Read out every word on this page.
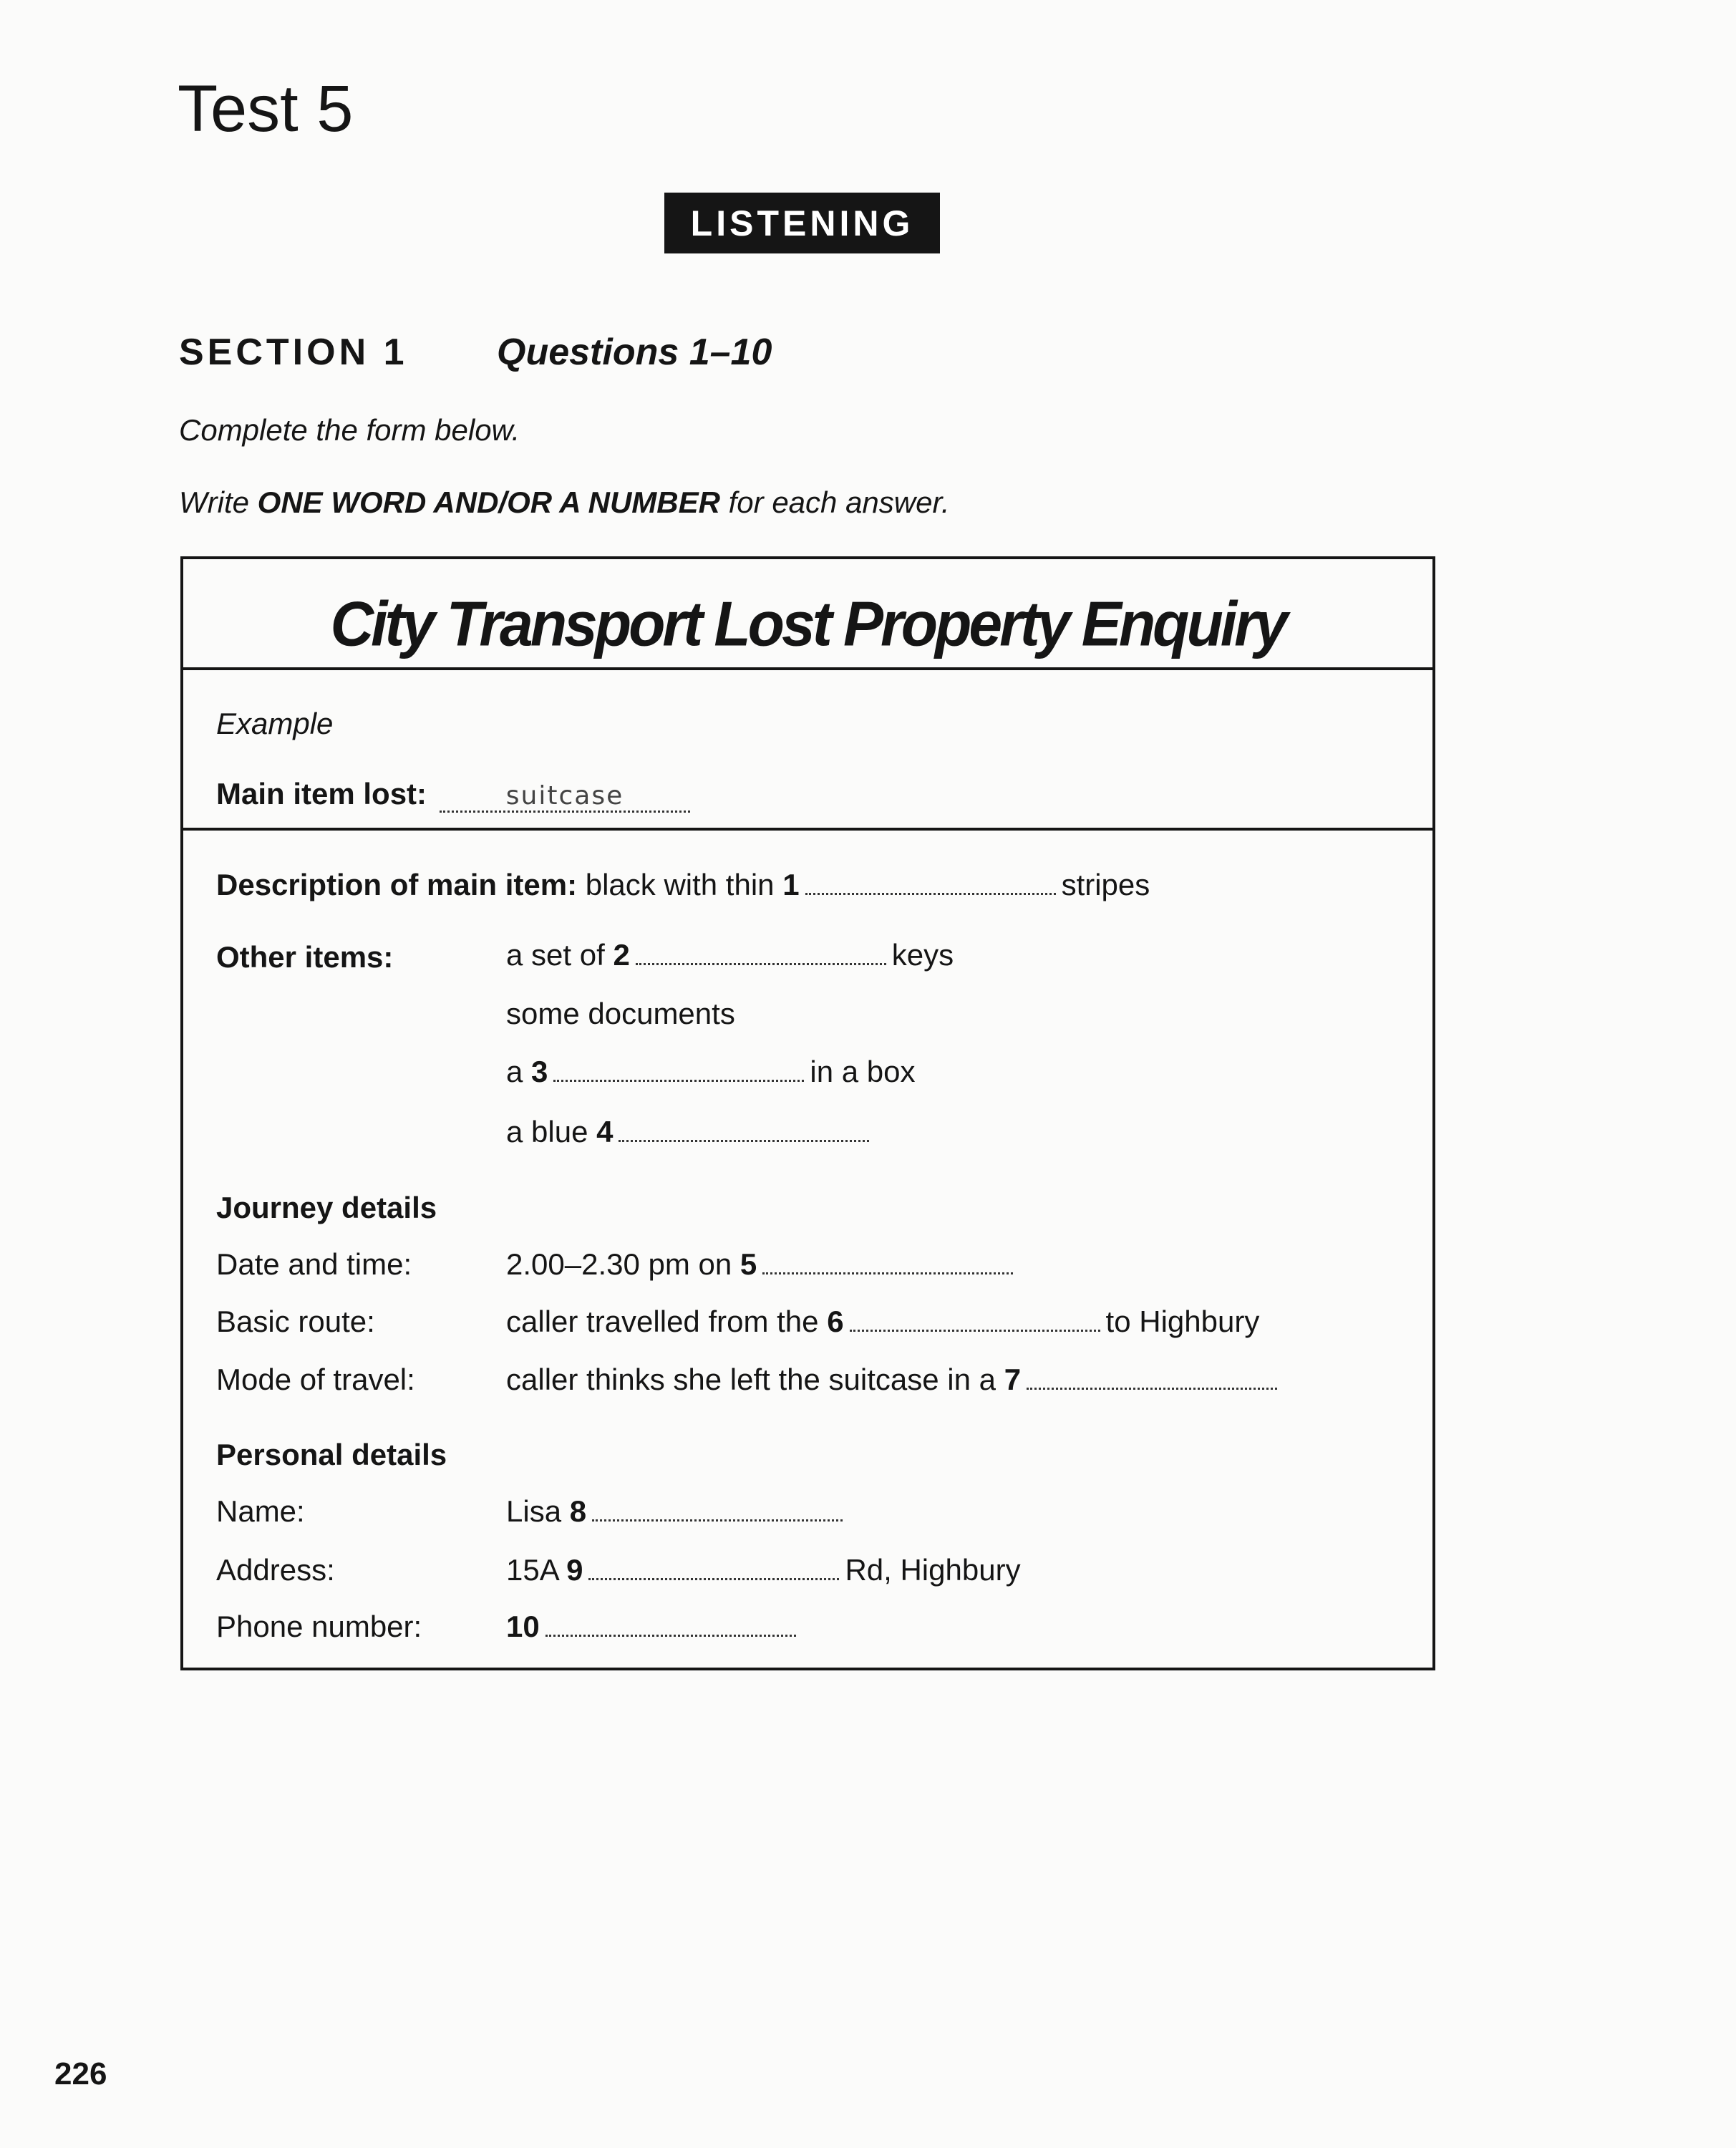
Test 5
LISTENING
SECTION 1 Questions 1–10
Complete the form below.
Write ONE WORD AND/OR A NUMBER for each answer.
City Transport Lost Property Enquiry
Example
Main item lost:	suitcase
Description of main item: black with thin 1	stripes
Other items:	a set of 2	keys
some documents
a 3	in a box
a blue 4
Journey details
Date and time:	2.00–2.30 pm on 5
Basic route:	caller travelled from the 6	to Highbury
Mode of travel:	caller thinks she left the suitcase in a 7
Personal details
Name:	Lisa 8
Address:	15A 9	Rd, Highbury
Phone number:	10
226
